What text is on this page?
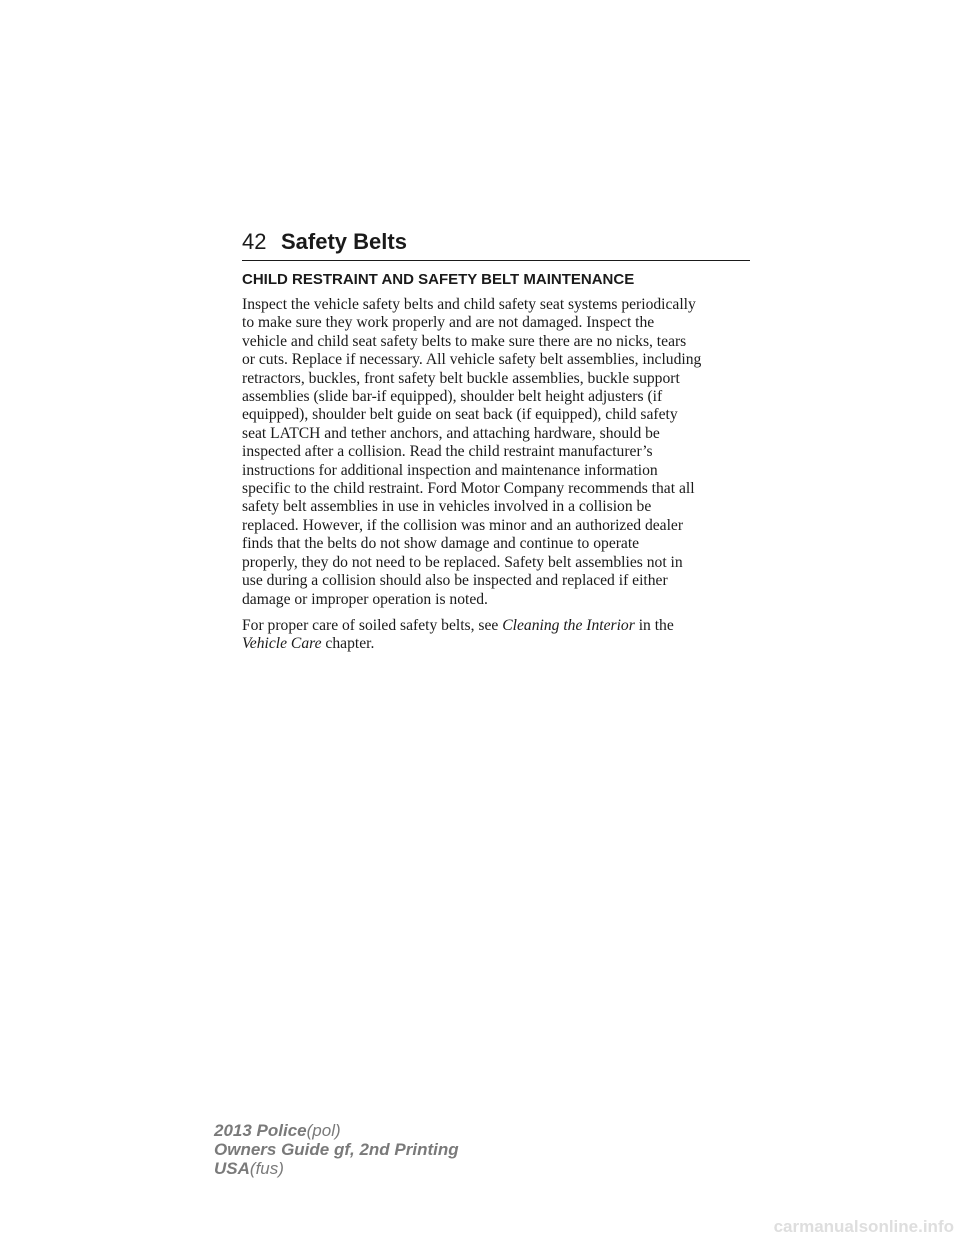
42 Safety Belts
CHILD RESTRAINT AND SAFETY BELT MAINTENANCE

Inspect the vehicle safety belts and child safety seat systems periodically
to make sure they work properly and are not damaged. Inspect the
vehicle and child seat safety belts to make sure there are no nicks, tears
or cuts. Replace if necessary. All vehicle safety belt assemblies, including
retractors, buckles, front safety belt buckle assemblies, buckle support
assemblies (slide bar-if equipped), shoulder belt height adjusters (if
equipped), shoulder belt guide on seat back (if equipped), child safety
seat LATCH and tether anchors, and attaching hardware, should be
inspected after a collision. Read the child restraint manufacturer’s
instructions for additional inspection and maintenance information
specific to the child restraint. Ford Motor Company recommends that all
safety belt assemblies in use in vehicles involved in a collision be
replaced. However, if the collision was minor and an authorized dealer
finds that the belts do not show damage and continue to operate
properly, they do not need to be replaced. Safety belt assemblies not in
use during a collision should also be inspected and replaced if either
damage or improper operation is noted.

For proper care of soiled safety belts, see Cleaning the Interior in the
Vehicle Care chapter.

2013 Police(pol)
Owners Guide gf, 2nd Printing
USA(fus)
carmanualsonline.info
